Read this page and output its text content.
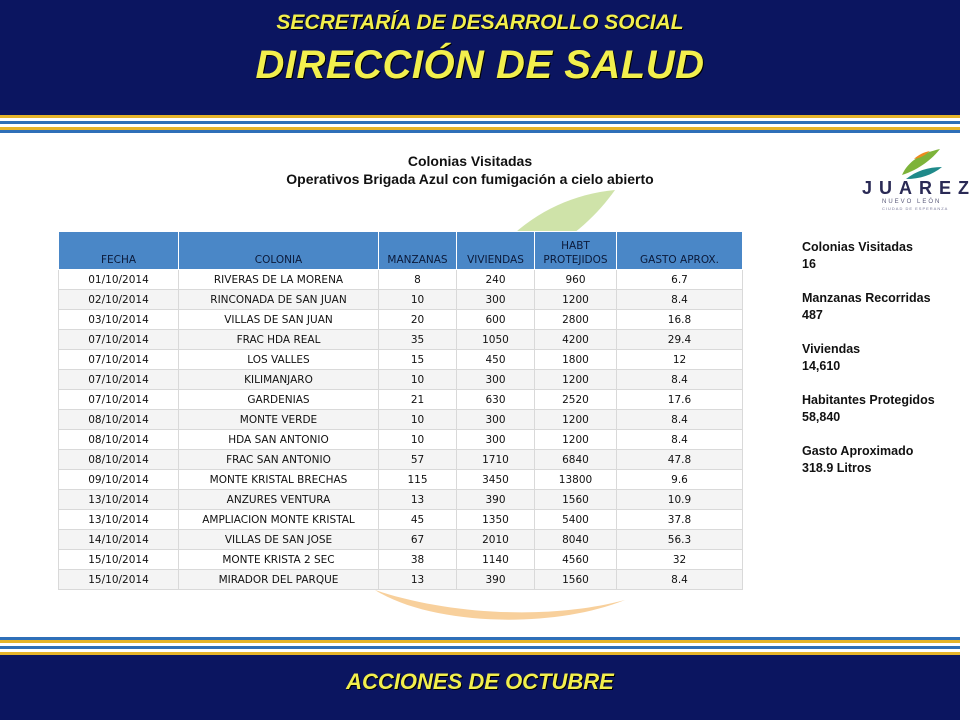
SECRETARÍA DE DESARROLLO SOCIAL
DIRECCIÓN DE SALUD
Colonias Visitadas
Operativos Brigada Azul con fumigación a cielo abierto	JUAREZ
NUEVO LEÓN
CIUDAD DE ESPERANZA
FECHA	COLONIA	MANZANAS	VIVIENDAS	HABT PROTEJIDOS	GASTO APROX.
01/10/2014	RIVERAS DE LA MORENA	8	240	960	6.7
02/10/2014	RINCONADA DE SAN JUAN	10	300	1200	8.4
03/10/2014	VILLAS DE SAN JUAN	20	600	2800	16.8
07/10/2014	FRAC HDA REAL	35	1050	4200	29.4
07/10/2014	LOS VALLES	15	450	1800	12
07/10/2014	KILIMANJARO	10	300	1200	8.4
07/10/2014	GARDENIAS	21	630	2520	17.6
08/10/2014	MONTE VERDE	10	300	1200	8.4
08/10/2014	HDA SAN ANTONIO	10	300	1200	8.4
08/10/2014	FRAC SAN ANTONIO	57	1710	6840	47.8
09/10/2014	MONTE KRISTAL BRECHAS	115	3450	13800	9.6
13/10/2014	ANZURES VENTURA	13	390	1560	10.9
13/10/2014	AMPLIACION MONTE KRISTAL	45	1350	5400	37.8
14/10/2014	VILLAS DE SAN JOSE	67	2010	8040	56.3
15/10/2014	MONTE KRISTA 2 SEC	38	1140	4560	32
15/10/2014	MIRADOR DEL PARQUE	13	390	1560	8.4
Colonias Visitadas
16
Manzanas Recorridas
487
Viviendas
14,610
Habitantes Protegidos
58,840
Gasto Aproximado
318.9 Litros
ACCIONES DE OCTUBRE
